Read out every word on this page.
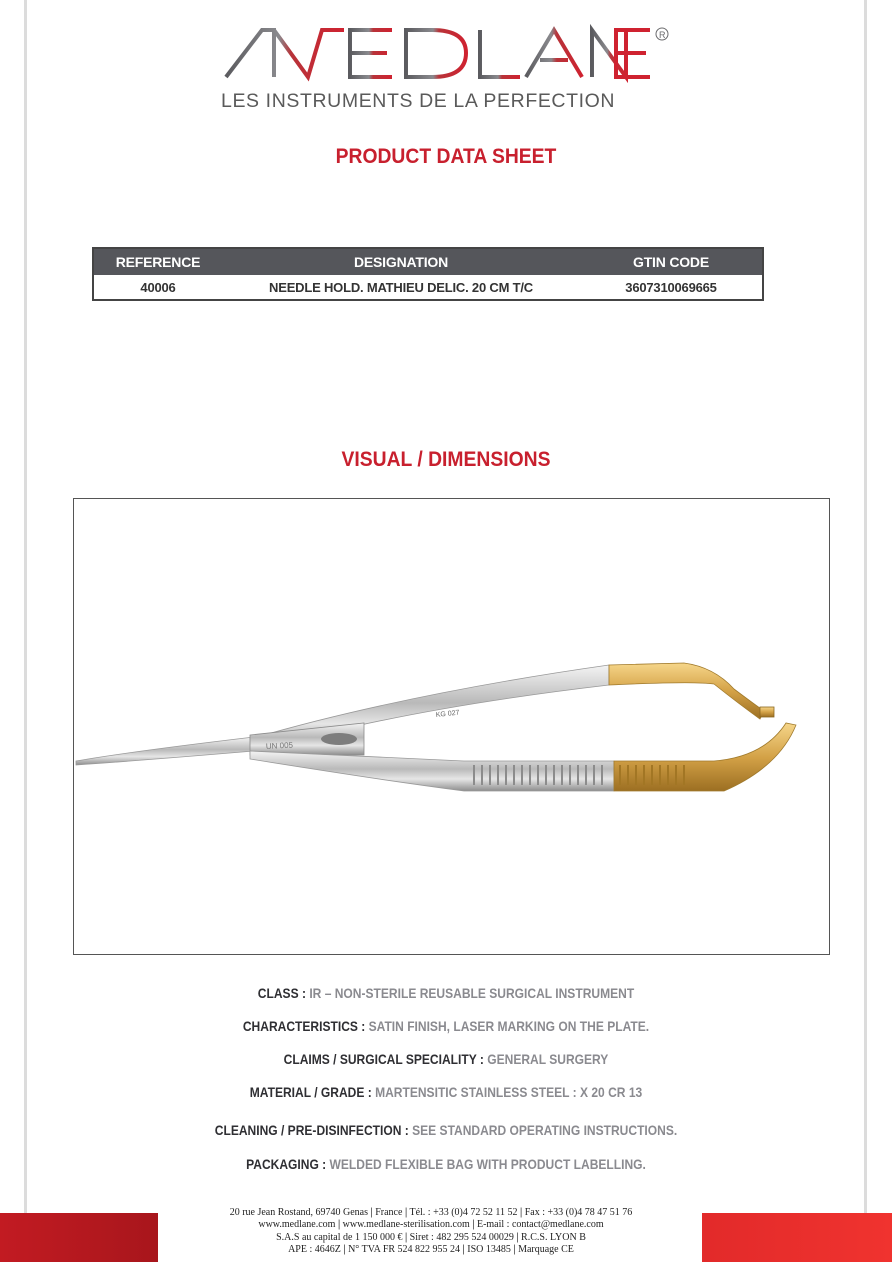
R
LES INSTRUMENTS DE LA PERFECTION
PRODUCT DATA SHEET
REFERENCE	DESIGNATION	GTIN CODE
40006	NEEDLE HOLD. MATHIEU DELIC. 20 CM T/C	3607310069665
VISUAL / DIMENSIONS
KG 027
UN 005
CLASS : IR – NON-STERILE REUSABLE SURGICAL INSTRUMENT
CHARACTERISTICS : SATIN FINISH, LASER MARKING ON THE PLATE.
CLAIMS / SURGICAL SPECIALITY : GENERAL SURGERY
MATERIAL / GRADE : MARTENSITIC STAINLESS STEEL : X 20 CR 13
CLEANING / PRE-DISINFECTION : SEE STANDARD OPERATING INSTRUCTIONS.
PACKAGING : WELDED FLEXIBLE BAG WITH PRODUCT LABELLING.
20 rue Jean Rostand, 69740 Genas | France | Tél. : +33 (0)4 72 52 11 52 | Fax : +33 (0)4 78 47 51 76
www.medlane.com | www.medlane-sterilisation.com | E-mail : contact@medlane.com
S.A.S au capital de 1 150 000 € | Siret : 482 295 524 00029 | R.C.S. LYON B
APE : 4646Z | N° TVA FR 524 822 955 24 | ISO 13485 | Marquage CE
